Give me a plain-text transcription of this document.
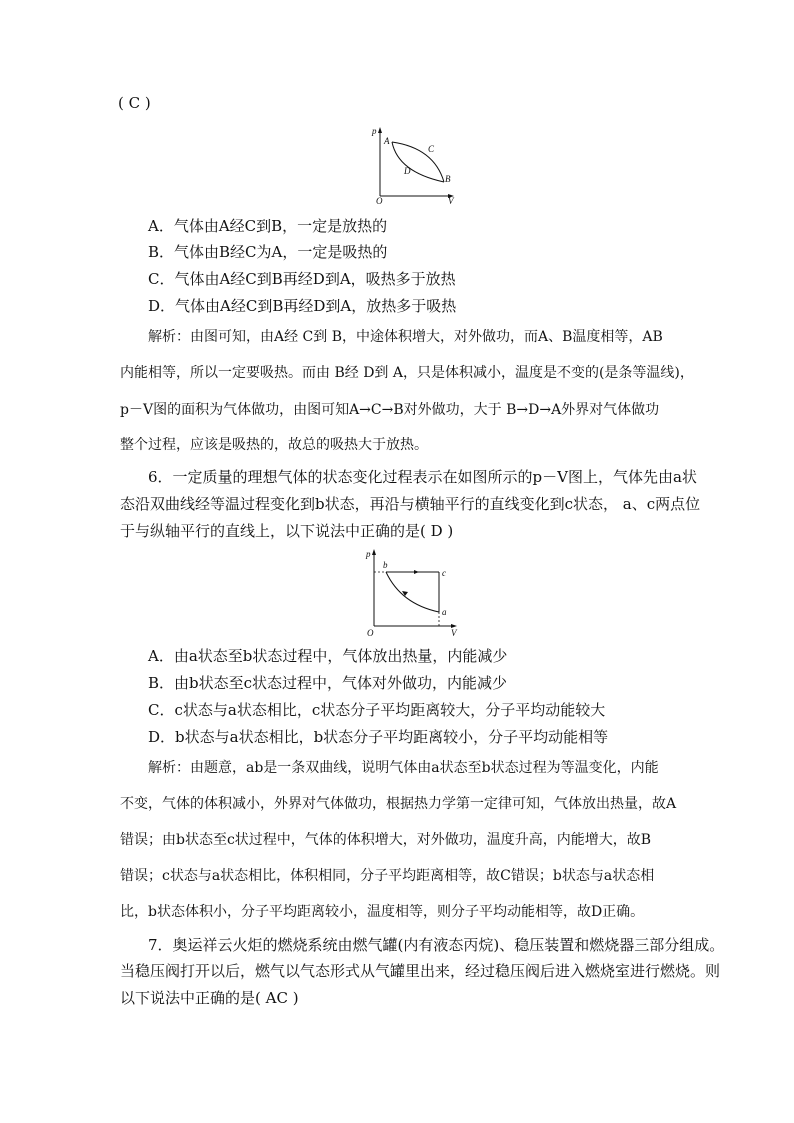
( C )
p
O	V
A
C
D
B
A．气体由A经C到B，一定是放热的
B．气体由B经C为A，一定是吸热的
C．气体由A经C到B再经D到A，吸热多于放热
D．气体由A经C到B再经D到A，放热多于吸热
解析：由图可知，由A经 C到 B，中途体积增大，对外做功，而A、B温度相等，AB
内能相等，所以一定要吸热。而由 B经 D到 A，只是体积减小，温度是不变的(是条等温线)，
p－V图的面积为气体做功，由图可知A→C→B对外做功，大于 B→D→A外界对气体做功
整个过程，应该是吸热的，故总的吸热大于放热。
6．一定质量的理想气体的状态变化过程表示在如图所示的p－V图上，气体先由a状
态沿双曲线经等温过程变化到b状态，再沿与横轴平行的直线变化到c状态， a、c两点位
于与纵轴平行的直线上，以下说法中正确的是( D )
p
O	V
b
c
a
A．由a状态至b状态过程中，气体放出热量，内能减少
B．由b状态至c状态过程中，气体对外做功，内能减少
C．c状态与a状态相比，c状态分子平均距离较大，分子平均动能较大
D．b状态与a状态相比，b状态分子平均距离较小，分子平均动能相等
解析：由题意，ab是一条双曲线，说明气体由a状态至b状态过程为等温变化，内能
不变，气体的体积减小，外界对气体做功，根据热力学第一定律可知，气体放出热量，故A
错误；由b状态至c状过程中，气体的体积增大，对外做功，温度升高，内能增大，故B
错误；c状态与a状态相比，体积相同，分子平均距离相等，故C错误；b状态与a状态相
比，b状态体积小，分子平均距离较小，温度相等，则分子平均动能相等，故D正确。
7．奥运祥云火炬的燃烧系统由燃气罐(内有液态丙烷)、稳压装置和燃烧器三部分组成。
当稳压阀打开以后，燃气以气态形式从气罐里出来，经过稳压阀后进入燃烧室进行燃烧。则
以下说法中正确的是( AC )
